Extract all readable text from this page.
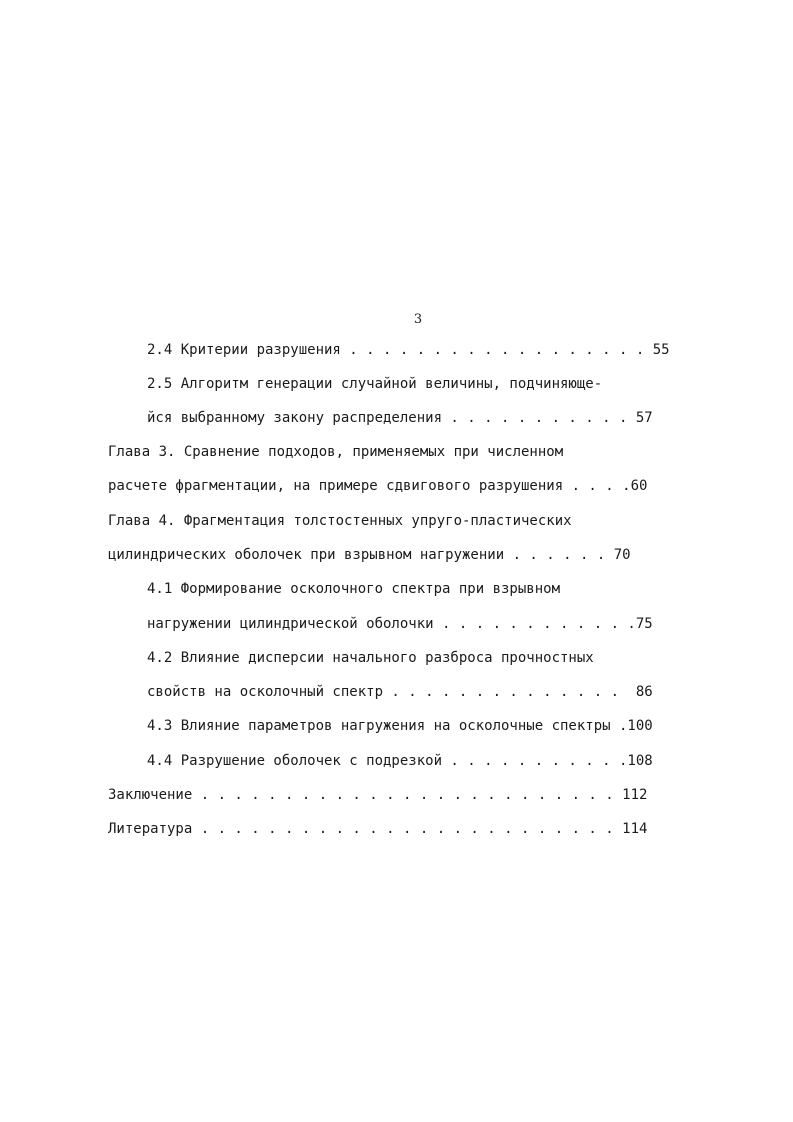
3
2.4 Критерии разрушения . . . . . . . . . . . . . . . . . . 55
2.5 Алгоритм генерации случайной величины, подчиняюще-
йся выбранному закону распределения . . . . . . . . . . . 57
Глава 3. Сравнение подходов, применяемых при численном
расчете фрагментации, на примере сдвигового разрушения . . . .60
Глава 4. Фрагментация толстостенных упруго-пластических
цилиндрических оболочек при взрывном нагружении . . . . . . 70
4.1 Формирование осколочного спектра при взрывном
нагружении цилиндрической оболочки . . . . . . . . . . . .75
4.2 Влияние дисперсии начального разброса прочностных
свойств на осколочный спектр . . . . . . . . . . . . . .  86
4.3 Влияние параметров нагружения на осколочные спектры .100
4.4 Разрушение оболочек с подрезкой . . . . . . . . . . .108
Заключение . . . . . . . . . . . . . . . . . . . . . . . . . 112
Литература . . . . . . . . . . . . . . . . . . . . . . . . . 114
